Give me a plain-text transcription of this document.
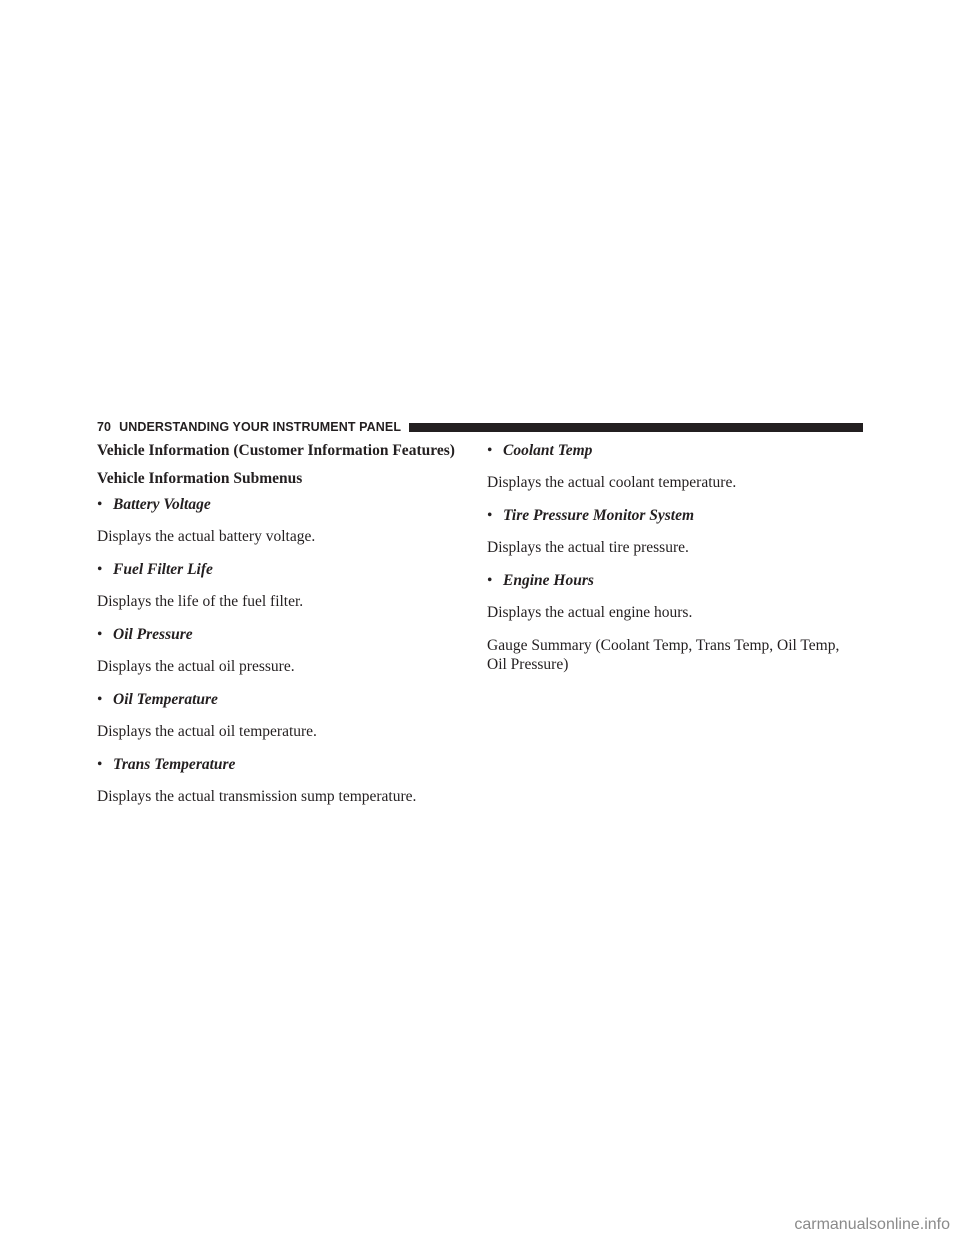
70 UNDERSTANDING YOUR INSTRUMENT PANEL

Vehicle Information (Customer Information Features)

Vehicle Information Submenus

• Battery Voltage

Displays the actual battery voltage.

• Fuel Filter Life

Displays the life of the fuel filter.

• Oil Pressure

Displays the actual oil pressure.

• Oil Temperature

Displays the actual oil temperature.

• Trans Temperature

Displays the actual transmission sump temperature.

• Coolant Temp

Displays the actual coolant temperature.

• Tire Pressure Monitor System

Displays the actual tire pressure.

• Engine Hours

Displays the actual engine hours.

Gauge Summary (Coolant Temp, Trans Temp, Oil Temp, Oil Pressure)

carmanualsonline.info
